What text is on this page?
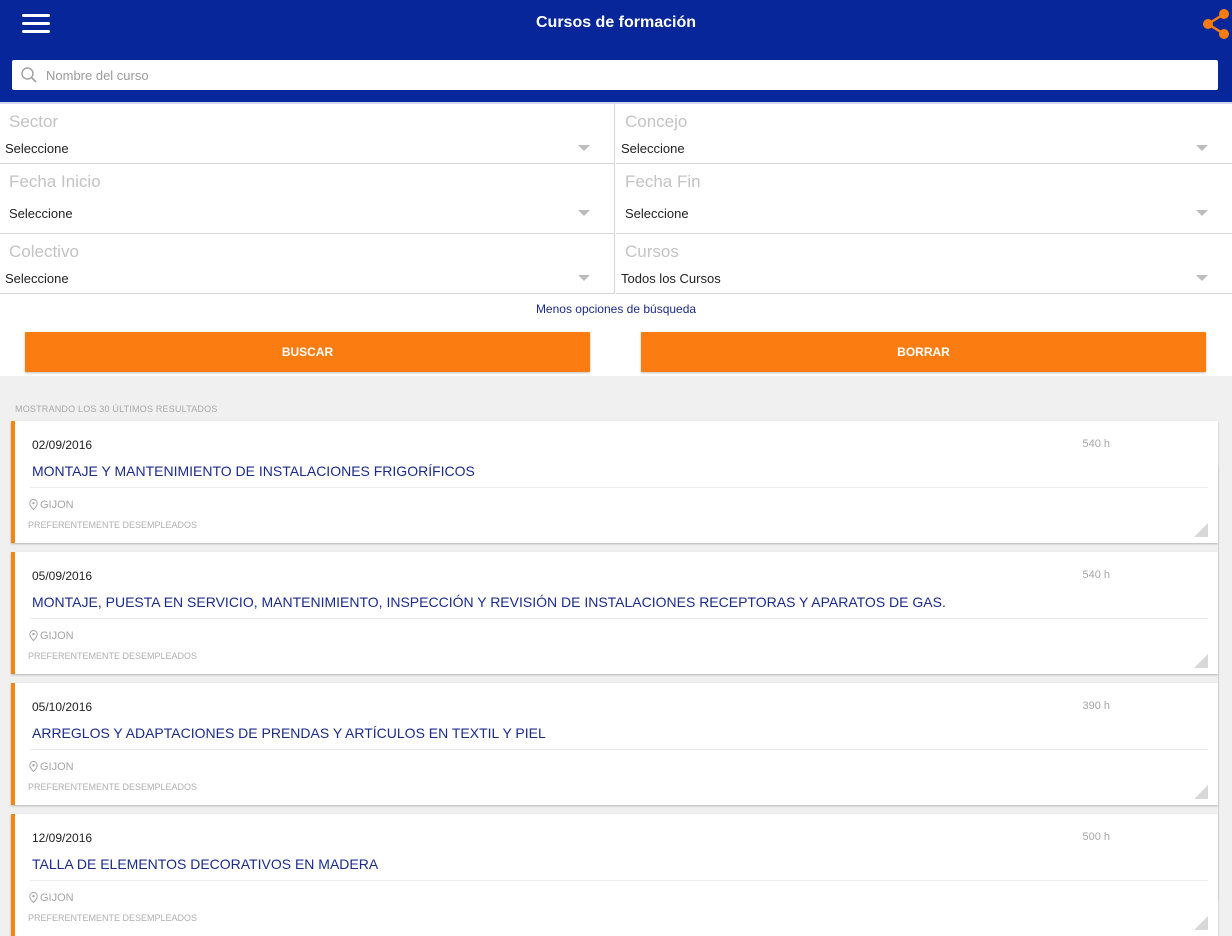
Cursos de formación
Nombre del curso
Sector
Seleccione
Concejo
Seleccione
Fecha Inicio
Seleccione
Fecha Fin
Seleccione
Colectivo
Seleccione
Cursos
Todos los Cursos
Menos opciones de búsqueda
BUSCAR	BORRAR
MOSTRANDO LOS 30 ÚLTIMOS RESULTADOS
02/09/2016	540 h
MONTAJE Y MANTENIMIENTO DE INSTALACIONES FRIGORÍFICOS
GIJON
PREFERENTEMENTE DESEMPLEADOS
05/09/2016	540 h
MONTAJE, PUESTA EN SERVICIO, MANTENIMIENTO, INSPECCIÓN Y REVISIÓN DE INSTALACIONES RECEPTORAS Y APARATOS DE GAS.
GIJON
PREFERENTEMENTE DESEMPLEADOS
05/10/2016	390 h
ARREGLOS Y ADAPTACIONES DE PRENDAS Y ARTÍCULOS EN TEXTIL Y PIEL
GIJON
PREFERENTEMENTE DESEMPLEADOS
12/09/2016	500 h
TALLA DE ELEMENTOS DECORATIVOS EN MADERA
GIJON
PREFERENTEMENTE DESEMPLEADOS
